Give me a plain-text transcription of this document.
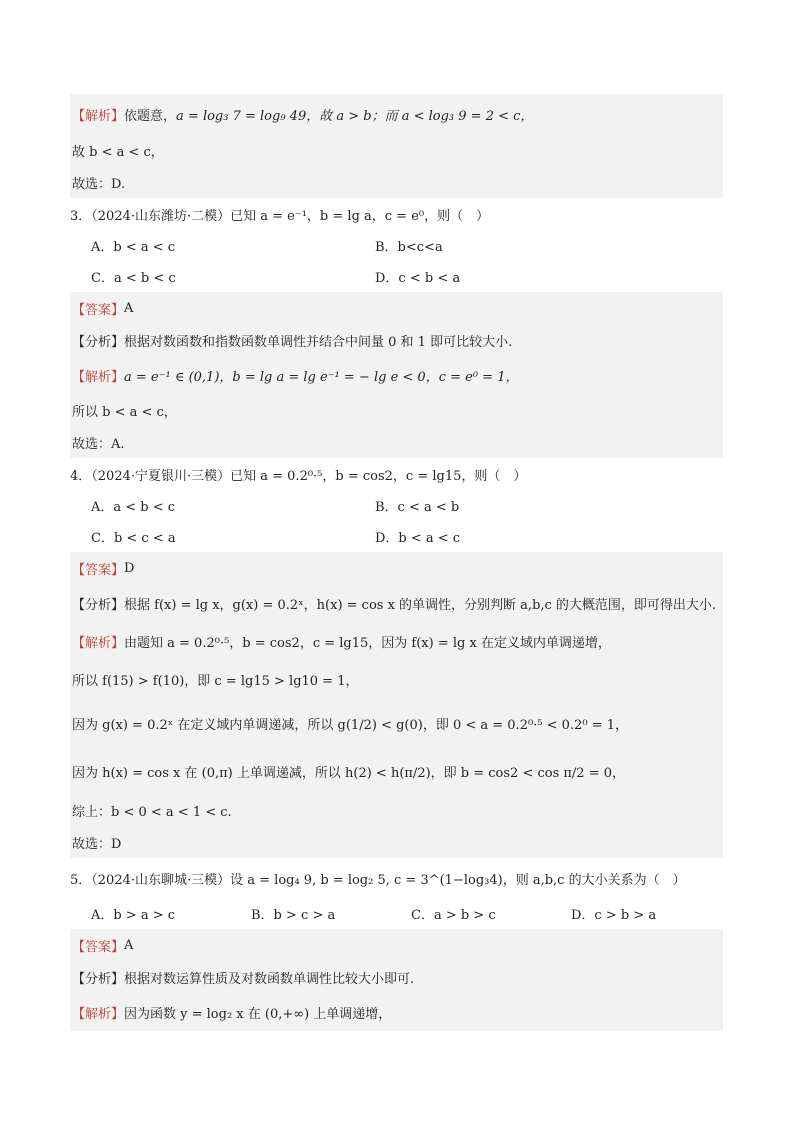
【解析】 依题意， a = log₃ 7 = log₉ 49，故 a > b；而 a < log₃ 9 = 2 < c，
故 b < a < c，
故选：D.
3．（2024·山东潍坊·二模）已知 a = e⁻¹，b = lg a，c = e⁰，则（　）
A．b < a < c	B．b<c<a
C．a < b < c	D．c < b < a
【答案】 A
【分析】 根据对数函数和指数函数单调性并结合中间量 0 和 1 即可比较大小.
【解析】 a = e⁻¹ ∈ (0,1)，b = lg a = lg e⁻¹ = − lg e < 0，c = e⁰ = 1，
所以 b < a < c，
故选：A.
4．（2024·宁夏银川·三模）已知 a = 0.2⁰·⁵，b = cos2，c = lg15，则（　）
A．a < b < c	B．c < a < b
C．b < c < a	D．b < a < c
【答案】 D
【分析】 根据 f(x) = lg x，g(x) = 0.2ˣ，h(x) = cos x 的单调性，分别判断 a,b,c 的大概范围，即可得出大小.
【解析】 由题知 a = 0.2⁰·⁵，b = cos2，c = lg15，因为 f(x) = lg x 在定义域内单调递增，
所以 f(15) > f(10)，即 c = lg15 > lg10 = 1，
因为 g(x) = 0.2ˣ 在定义域内单调递减，所以 g(1/2) < g(0)，即 0 < a = 0.2⁰·⁵ < 0.2⁰ = 1，
因为 h(x) = cos x 在 (0,π) 上单调递减，所以 h(2) < h(π/2)，即 b = cos2 < cos π/2 = 0，
综上：b < 0 < a < 1 < c.
故选：D
5．（2024·山东聊城·三模）设 a = log₄ 9, b = log₂ 5, c = 3^(1−log₃4)，则 a,b,c 的大小关系为（　）
A．b > a > c	B．b > c > a	C．a > b > c	D．c > b > a
【答案】 A
【分析】 根据对数运算性质及对数函数单调性比较大小即可.
【解析】 因为函数 y = log₂ x 在 (0,+∞) 上单调递增，
